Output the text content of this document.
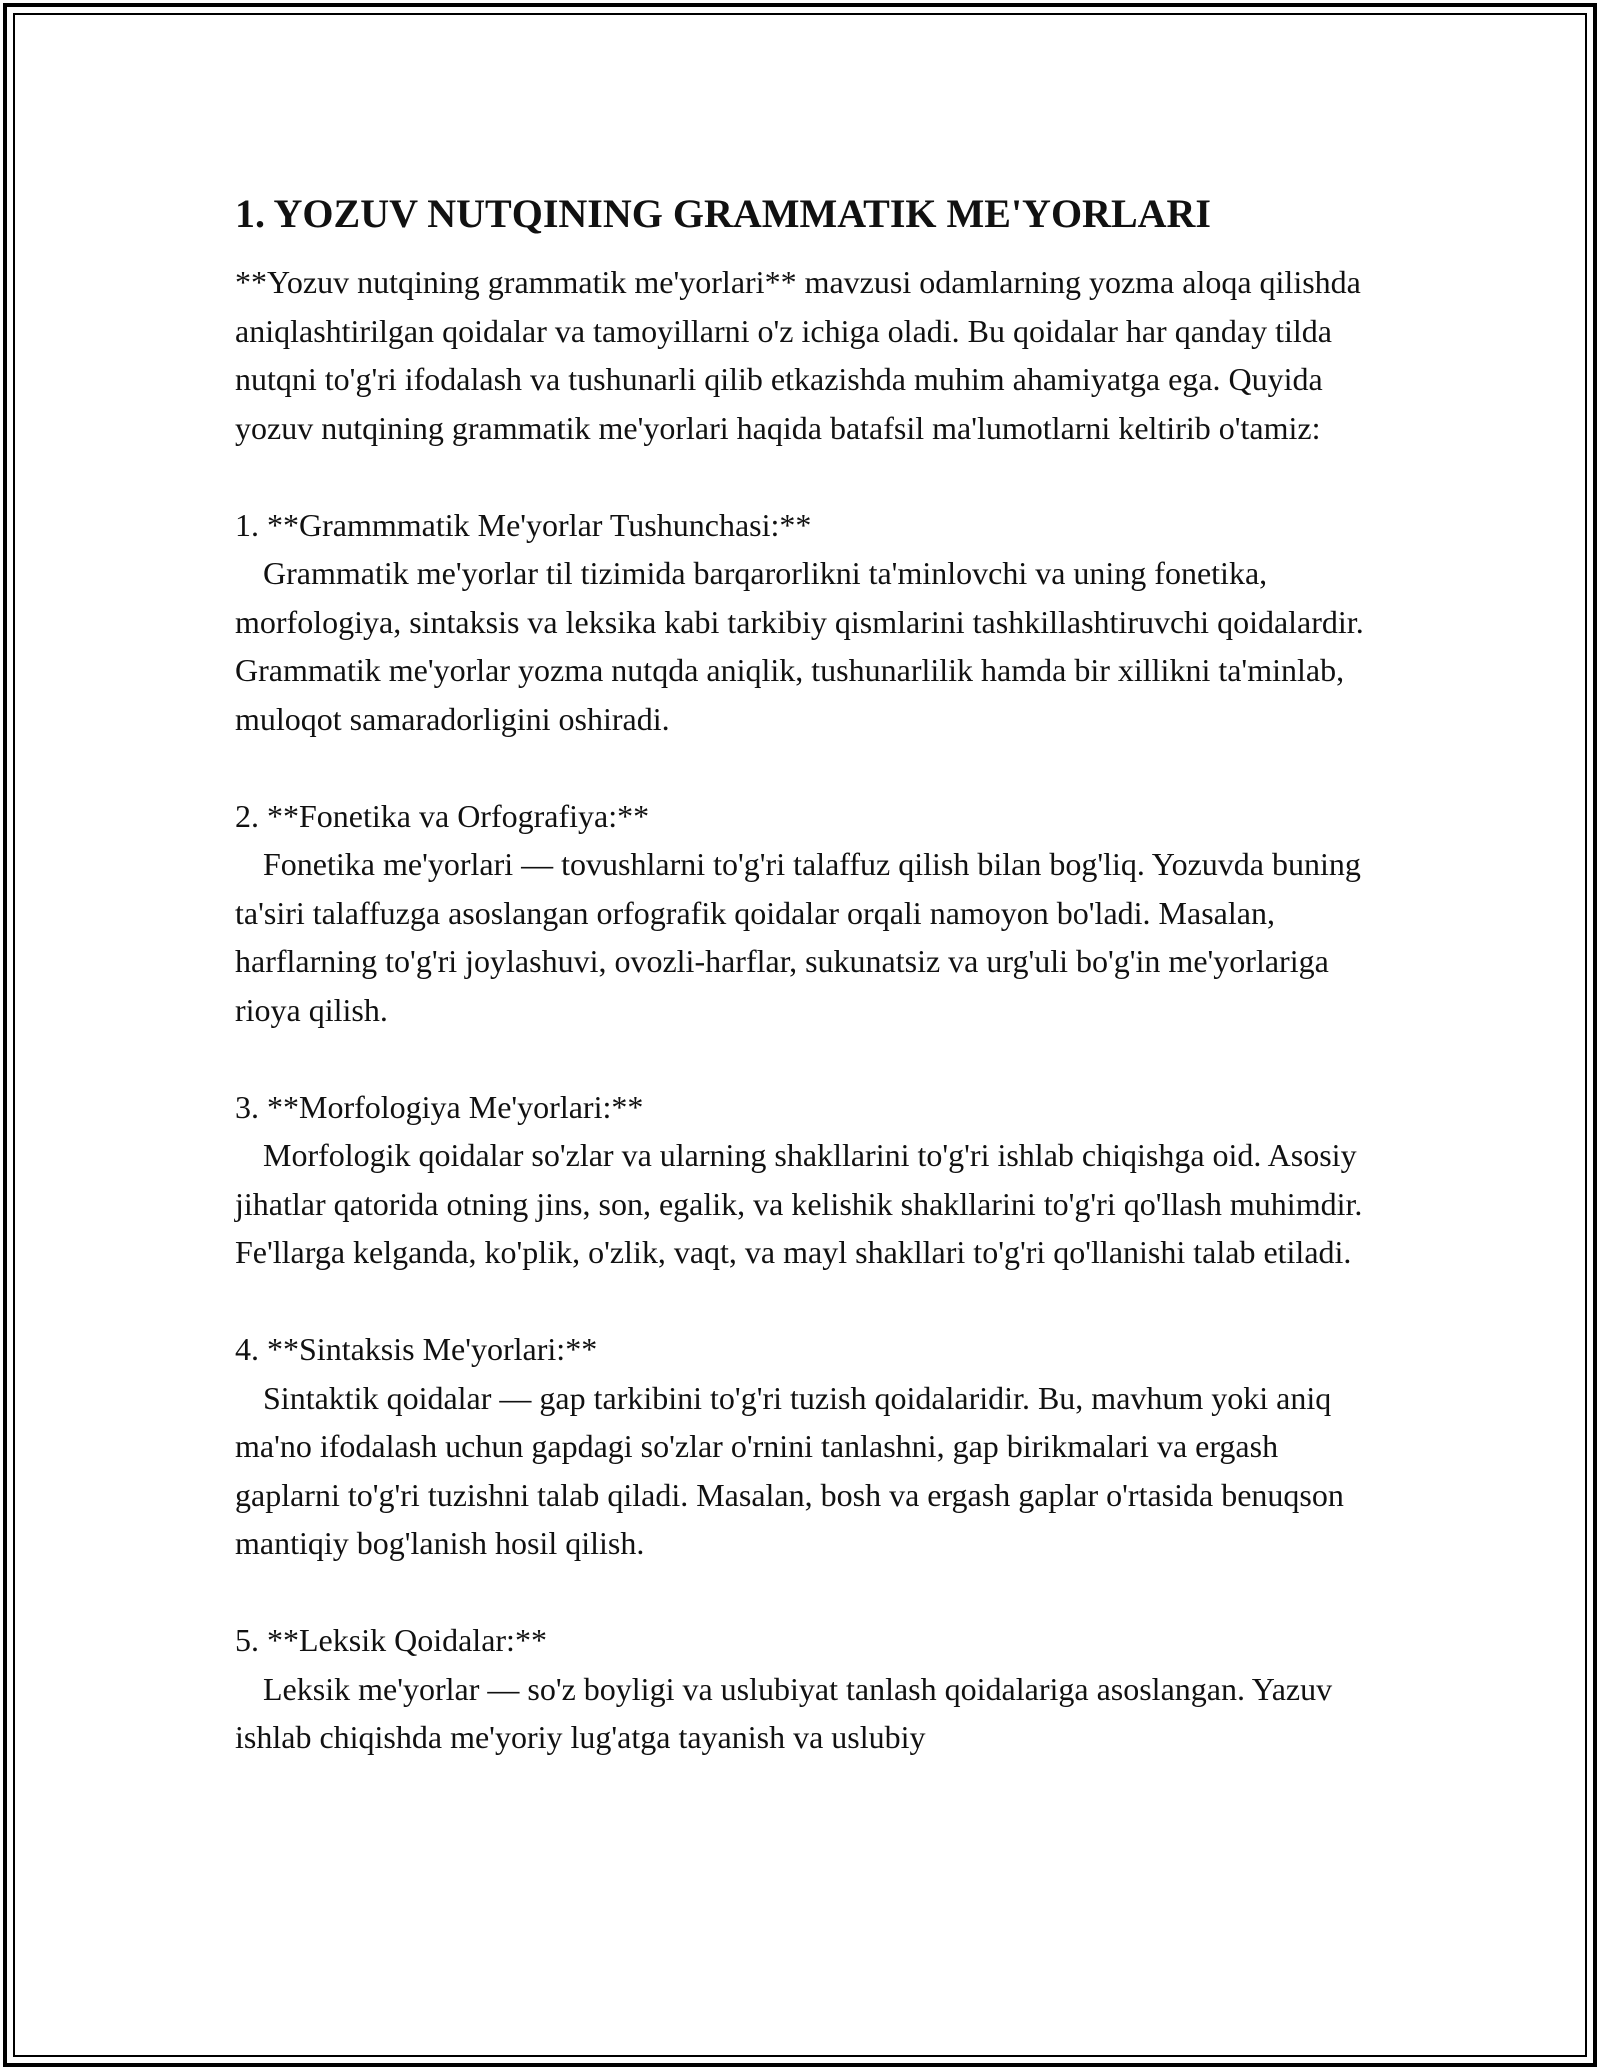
1. YOZUV NUTQINING GRAMMATIK ME'YORLARI

**Yozuv nutqining grammatik me'yorlari** mavzusi odamlarning yozma aloqa qilishda aniqlashtirilgan qoidalar va tamoyillarni o'z ichiga oladi. Bu qoidalar har qanday tilda nutqni to'g'ri ifodalash va tushunarli qilib etkazishda muhim ahamiyatga ega. Quyida yozuv nutqining grammatik me'yorlari haqida batafsil ma'lumotlarni keltirib o'tamiz:

1. **Grammmatik Me'yorlar Tushunchasi:**

Grammatik me'yorlar til tizimida barqarorlikni ta'minlovchi va uning fonetika, morfologiya, sintaksis va leksika kabi tarkibiy qismlarini tashkillashtiruvchi qoidalardir. Grammatik me'yorlar yozma nutqda aniqlik, tushunarlilik hamda bir xillikni ta'minlab, muloqot samaradorligini oshiradi.

2. **Fonetika va Orfografiya:**

Fonetika me'yorlari — tovushlarni to'g'ri talaffuz qilish bilan bog'liq. Yozuvda buning ta'siri talaffuzga asoslangan orfografik qoidalar orqali namoyon bo'ladi. Masalan, harflarning to'g'ri joylashuvi, ovozli-harflar, sukunatsiz va urg'uli bo'g'in me'yorlariga rioya qilish.

3. **Morfologiya Me'yorlari:**

Morfologik qoidalar so'zlar va ularning shakllarini to'g'ri ishlab chiqishga oid. Asosiy jihatlar qatorida otning jins, son, egalik, va kelishik shakllarini to'g'ri qo'llash muhimdir. Fe'llarga kelganda, ko'plik, o'zlik, vaqt, va mayl shakllari to'g'ri qo'llanishi talab etiladi.

4. **Sintaksis Me'yorlari:**

Sintaktik qoidalar — gap tarkibini to'g'ri tuzish qoidalaridir. Bu, mavhum yoki aniq ma'no ifodalash uchun gapdagi so'zlar o'rnini tanlashni, gap birikmalari va ergash gaplarni to'g'ri tuzishni talab qiladi. Masalan, bosh va ergash gaplar o'rtasida benuqson mantiqiy bog'lanish hosil qilish.

5. **Leksik Qoidalar:**

Leksik me'yorlar — so'z boyligi va uslubiyat tanlash qoidalariga asoslangan. Yazuv ishlab chiqishda me'yoriy lug'atga tayanish va uslubiy
